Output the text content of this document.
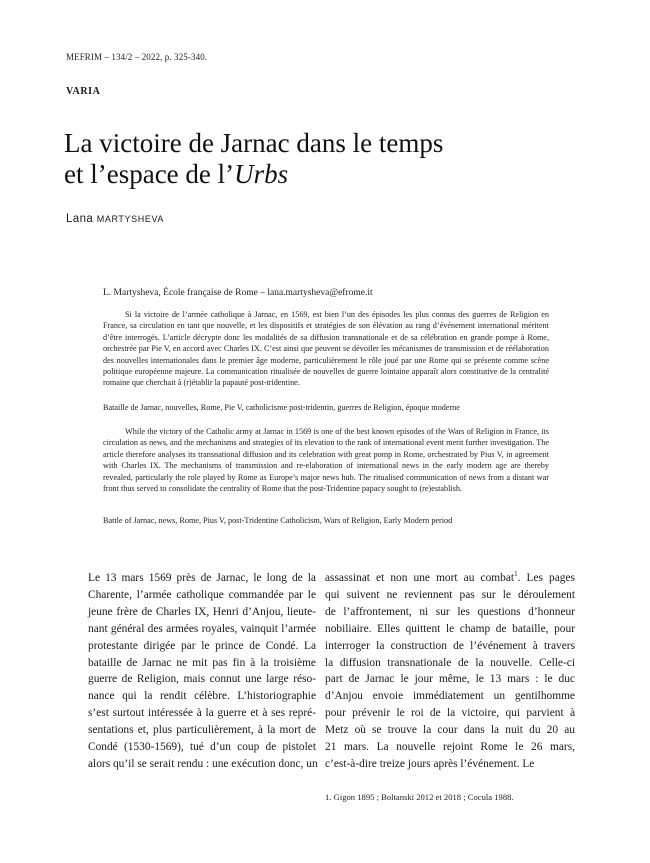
MEFRIM – 134/2 – 2022, p. 325-340.
VARIA
La victoire de Jarnac dans le temps
et l’espace de l’Urbs
Lana MARTYSHEVA
L. Martysheva, École française de Rome – lana.martysheva@efrome.it

Si la victoire de l’armée catholique à Jarnac, en 1569, est bien l’un des épisodes les plus connus des guerres de Religion en France, sa circulation en tant que nouvelle, et les dispositifs et stratégies de son élévation au rang d’événement international méritent d’être interrogés. L’article décrypte donc les modalités de sa diffusion transnationale et de sa célébration en grande pompe à Rome, orchestrée par Pie V, en accord avec Charles IX. C’est ainsi que peuvent se dévoiler les mécanismes de transmission et de réélaboration des nouvelles internationales dans le premier âge moderne, particulièrement le rôle joué par une Rome qui se présente comme scène politique européenne majeure. La communication ritualisée de nouvelles de guerre lointaine apparaît alors constitutive de la centralité romaine que cherchait à (r)établir la papauté post-tridentine.

Bataille de Jarnac, nouvelles, Rome, Pie V, catholicisme post-tridentin, guerres de Religion, époque moderne

While the victory of the Catholic army at Jarnac in 1569 is one of the best known episodes of the Wars of Religion in France, its circulation as news, and the mechanisms and strategies of its elevation to the rank of international event merit further investigation. The article therefore analyses its transnational diffusion and its celebration with great pomp in Rome, orchestrated by Pius V, in agreement with Charles IX. The mechanisms of transmission and re-elaboration of international news in the early modern age are thereby revealed, particularly the role played by Rome as Europe’s major news hub. The ritualised communication of news from a distant war front thus served to consolidate the centrality of Rome that the post-Tridentine papacy sought to (re)establish.

Battle of Jarnac, news, Rome, Pius V, post-Tridentine Catholicism, Wars of Religion, Early Modern period

Le 13 mars 1569 près de Jarnac, le long de la
Charente, l’armée catholique commandée par le
jeune frère de Charles IX, Henri d’Anjou, lieute-
nant général des armées royales, vainquit l’armée
protestante dirigée par le prince de Condé. La
bataille de Jarnac ne mit pas fin à la troisième
guerre de Religion, mais connut une large réso-
nance qui la rendit célèbre. L’historiographie
s’est surtout intéressée à la guerre et à ses repré-
sentations et, plus particulièrement, à la mort de
Condé (1530-1569), tué d’un coup de pistolet
alors qu’il se serait rendu : une exécution donc, un

assassinat et non une mort au combat$^1$. Les pages
qui suivent ne reviennent pas sur le déroulement
de l’affrontement, ni sur les questions d’honneur
nobiliaire. Elles quittent le champ de bataille, pour
interroger la construction de l’événement à travers
la diffusion transnationale de la nouvelle. Celle-ci
part de Jarnac le jour même, le 13 mars : le duc
d’Anjou envoie immédiatement un gentilhomme
pour prévenir le roi de la victoire, qui parvient à
Metz où se trouve la cour dans la nuit du 20 au
21 mars. La nouvelle rejoint Rome le 26 mars,
c’est-à-dire treize jours après l’événement. Le
1. Gigon 1895 ; Boltanski 2012 et 2018 ; Cocula 1988.
